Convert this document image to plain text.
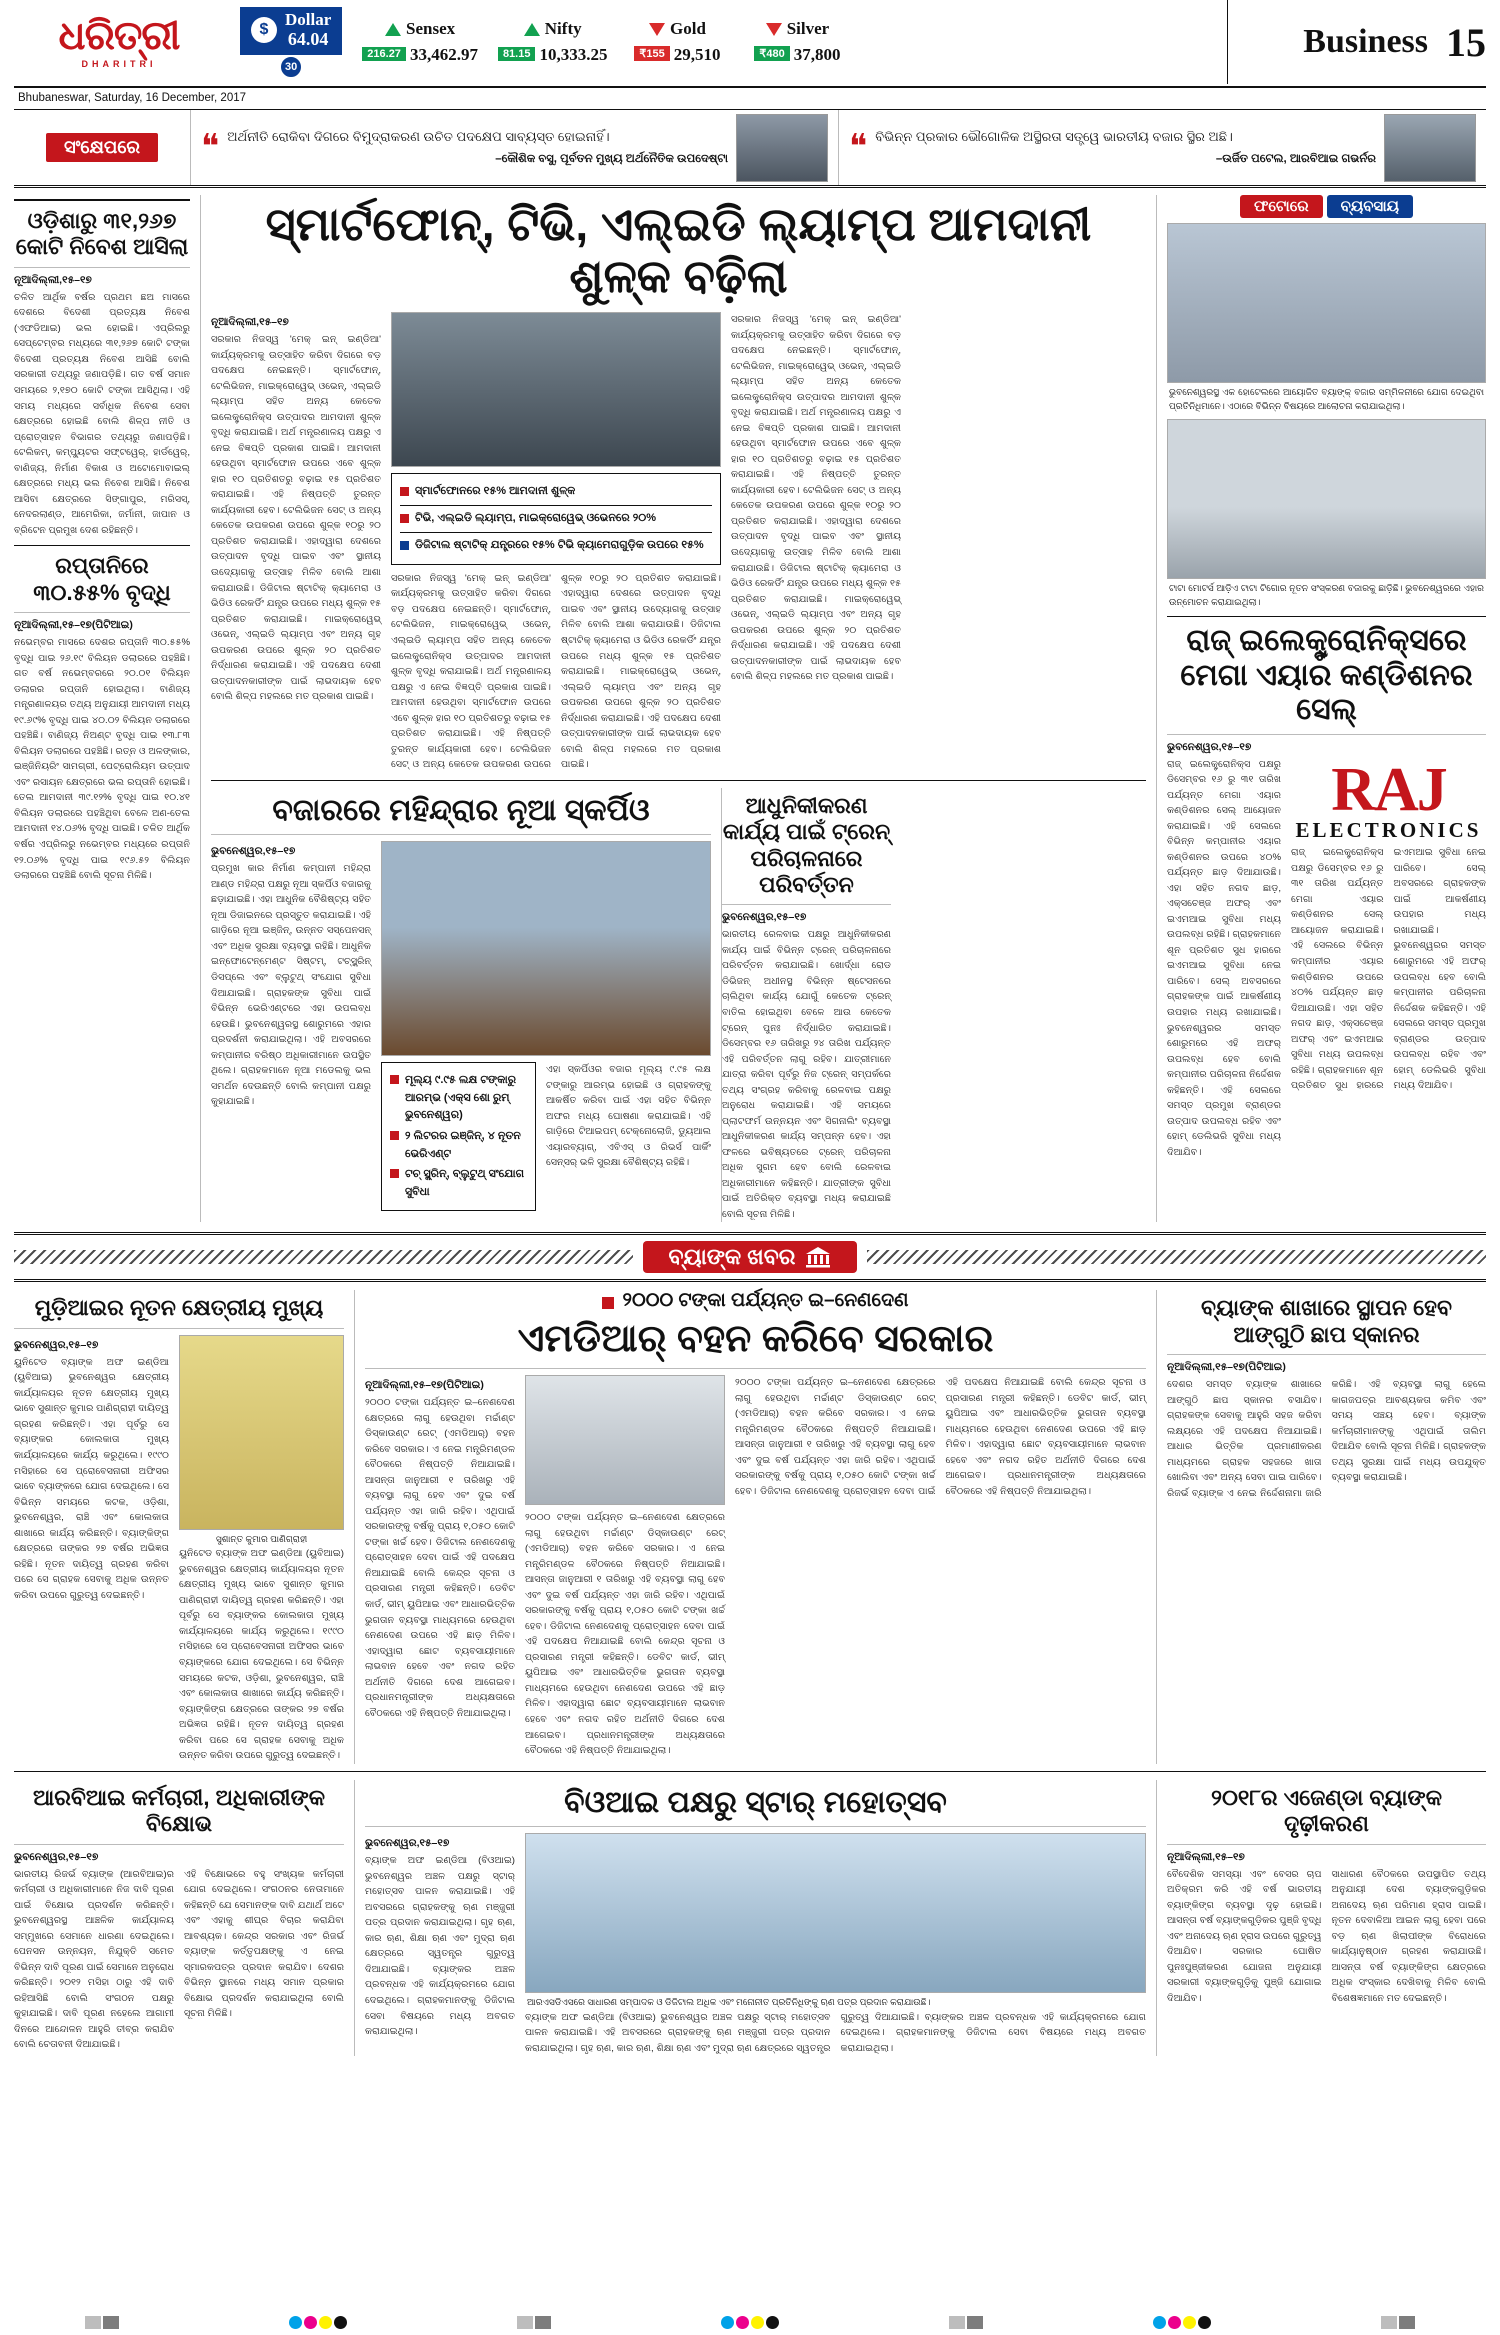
ଧରିତ୍ରୀ
DHARITRI
$
Dollar
64.04
30
Sensex
216.27 33,462.97
Nifty
81.15 10,333.25
Gold
₹155 29,510
Silver
₹480 37,800	Business 15
Bhubaneswar, Saturday, 16 December, 2017
ସଂକ୍ଷେପରେ	❝ ଅର୍ଥନୀତି ରୋକିବା ଦିଗରେ ବିମୁଦ୍ରାକରଣ ଉଚିତ ପଦକ୍ଷେପ ସାବ୍ୟସ୍ତ ହୋଇନାହିଁ।
–କୌଶିକ ବସୁ, ପୂର୍ବତନ ମୁଖ୍ୟ ଅର୍ଥନୈତିକ ଉପଦେଷ୍ଟା	❝ ବିଭିନ୍ନ ପ୍ରକାର ଭୌଗୋଳିକ ଅସ୍ଥିରତା ସତ୍ତ୍ୱେ ଭାରତୀୟ ବଜାର ସ୍ଥିର ଅଛି।
–ଉର୍ଜିତ ପଟେଲ, ଆରବିଆଇ ଗଭର୍ନର
ଓଡ଼ିଶାରୁ ୩୧,୨୬୭ କୋଟି ନିବେଶ ଆସିଲା
ନୂଆଦିଲ୍ଲୀ,୧୫–୧୭
ଚଳିତ ଆର୍ଥିକ ବର୍ଷର ପ୍ରଥମ ଛଅ ମାସରେ ଦେଶରେ ବିଦେଶୀ ପ୍ରତ୍ୟକ୍ଷ ନିବେଶ (ଏଫଡିଆଇ) ଭଲ ହୋଇଛି। ଏପ୍ରିଲରୁ ସେପ୍ଟେମ୍ବର ମଧ୍ୟରେ ୩୧,୨୬୭ କୋଟି ଟଙ୍କା ବିଦେଶୀ ପ୍ରତ୍ୟକ୍ଷ ନିବେଶ ଆସିଛି ବୋଲି ସରକାରୀ ତଥ୍ୟରୁ ଜଣାପଡ଼ିଛି। ଗତ ବର୍ଷ ସମାନ ସମୟରେ ୨,୧୭୦ କୋଟି ଟଙ୍କା ଆସିଥିଲା। ଏହି ସମୟ ମଧ୍ୟରେ ସର୍ବାଧିକ ନିବେଶ ସେବା କ୍ଷେତ୍ରରେ ହୋଇଛି ବୋଲି ଶିଳ୍ପ ନୀତି ଓ ପ୍ରୋତ୍ସାହନ ବିଭାଗର ତଥ୍ୟରୁ ଜଣାପଡ଼ିଛି। ଟେଲିକମ୍, କମ୍ପ୍ୟୁଟର ସଫ୍ଟୱେର୍, ହାର୍ଡୱେର୍, ବାଣିଜ୍ୟ, ନିର୍ମାଣ ବିକାଶ ଓ ଅଟୋମୋବାଇଲ୍ କ୍ଷେତ୍ରରେ ମଧ୍ୟ ଭଲ ନିବେଶ ଆସିଛି। ନିବେଶ ଆସିବା କ୍ଷେତ୍ରରେ ସିଙ୍ଗାପୁର, ମରିସସ୍, ନେଦରଲାଣ୍ଡ, ଆମେରିକା, ଜର୍ମାନୀ, ଜାପାନ ଓ ବ୍ରିଟେନ ପ୍ରମୁଖ ଦେଶ ରହିଛନ୍ତି।
ରପ୍ତାନିରେ ୩୦.୫୫% ବୃଦ୍ଧି
ନୂଆଦିଲ୍ଲୀ,୧୫–୧୭(ପିଟିଆଇ)
ନଭେମ୍ବର ମାସରେ ଦେଶର ରପ୍ତାନି ୩୦.୫୫% ବୃଦ୍ଧି ପାଇ ୨୬.୧୯ ବିଲିୟନ ଡଲାରରେ ପହଞ୍ଚିଛି। ଗତ ବର୍ଷ ନଭେମ୍ବରରେ ୨୦.୦୧ ବିଲିୟନ ଡଲାରର ରପ୍ତାନି ହୋଇଥିଲା। ବାଣିଜ୍ୟ ମନ୍ତ୍ରଣାଳୟର ତଥ୍ୟ ଅନୁଯାୟୀ ଆମଦାନୀ ମଧ୍ୟ ୧୯.୬୯% ବୃଦ୍ଧି ପାଇ ୪୦.୦୨ ବିଲିୟନ ଡଲାରରେ ପହଞ୍ଚିଛି। ବାଣିଜ୍ୟ ନିଅଣ୍ଟ ବୃଦ୍ଧି ପାଇ ୧୩.୮୩ ବିଲିୟନ ଡଲାରରେ ପହଞ୍ଚିଛି। ରତ୍ନ ଓ ଅଳଙ୍କାର, ଇଞ୍ଜିନିୟରିଂ ସାମଗ୍ରୀ, ପେଟ୍ରୋଲିୟମ ଉତ୍ପାଦ ଏବଂ ରସାୟନ କ୍ଷେତ୍ରରେ ଭଲ ରପ୍ତାନି ହୋଇଛି। ତେଲ ଆମଦାନୀ ୩୯.୧୨% ବୃଦ୍ଧି ପାଇ ୧୦.୪୧ ବିଲିୟନ ଡଲାରରେ ପହଞ୍ଚିଥିବା ବେଳେ ଅଣ-ତେଲ ଆମଦାନୀ ୧୪.୦୬% ବୃଦ୍ଧି ପାଇଛି। ଚଳିତ ଆର୍ଥିକ ବର୍ଷର ଏପ୍ରିଲରୁ ନଭେମ୍ବର ମଧ୍ୟରେ ରପ୍ତାନି ୧୨.୦୬% ବୃଦ୍ଧି ପାଇ ୧୯୬.୫୨ ବିଲିୟନ ଡଲାରରେ ପହଞ୍ଚିଛି ବୋଲି ସୂଚନା ମିଳିଛି।
ସ୍ମାର୍ଟଫୋନ୍, ଟିଭି, ଏଲ୍ଇଡି ଲ୍ୟାମ୍ପ ଆମଦାନୀ ଶୁଳ୍କ ବଢ଼ିଲା
ନୂଆଦିଲ୍ଲୀ,୧୫–୧୭
ସରକାର ନିଜସ୍ୱ 'ମେକ୍ ଇନ୍ ଇଣ୍ଡିଆ' କାର୍ଯ୍ୟକ୍ରମକୁ ଉତ୍ସାହିତ କରିବା ଦିଗରେ ବଡ଼ ପଦକ୍ଷେପ ନେଇଛନ୍ତି। ସ୍ମାର୍ଟଫୋନ୍, ଟେଲିଭିଜନ, ମାଇକ୍ରୋୱେଭ୍ ଓଭେନ୍, ଏଲ୍ଇଡି ଲ୍ୟାମ୍ପ ସହିତ ଅନ୍ୟ କେତେକ ଇଲେକ୍ଟ୍ରୋନିକ୍ସ ଉତ୍ପାଦର ଆମଦାନୀ ଶୁଳ୍କ ବୃଦ୍ଧି କରାଯାଇଛି। ଅର୍ଥ ମନ୍ତ୍ରଣାଳୟ ପକ୍ଷରୁ ଏ ନେଇ ବିଜ୍ଞପ୍ତି ପ୍ରକାଶ ପାଇଛି। ଆମଦାନୀ ହେଉଥିବା ସ୍ମାର୍ଟଫୋନ ଉପରେ ଏବେ ଶୁଳ୍କ ହାର ୧୦ ପ୍ରତିଶତରୁ ବଢ଼ାଇ ୧୫ ପ୍ରତିଶତ କରାଯାଇଛି। ଏହି ନିଷ୍ପତ୍ତି ତୁରନ୍ତ କାର୍ଯ୍ୟକାରୀ ହେବ। ଟେଲିଭିଜନ ସେଟ୍ ଓ ଅନ୍ୟ କେତେକ ଉପକରଣ ଉପରେ ଶୁଳ୍କ ୧୦ରୁ ୨୦ ପ୍ରତିଶତ କରାଯାଇଛି। ଏହାଦ୍ୱାରା ଦେଶରେ ଉତ୍ପାଦନ ବୃଦ୍ଧି ପାଇବ ଏବଂ ସ୍ଥାନୀୟ ଉଦ୍ୟୋଗକୁ ଉତ୍ସାହ ମିଳିବ ବୋଲି ଆଶା କରାଯାଉଛି। ଡିଜିଟାଲ ଷ୍ଟାଟିକ୍ କ୍ୟାମେରା ଓ ଭିଡିଓ ରେକର୍ଡିଂ ଯନ୍ତ୍ର ଉପରେ ମଧ୍ୟ ଶୁଳ୍କ ୧୫ ପ୍ରତିଶତ କରାଯାଇଛି। ମାଇକ୍ରୋୱେଭ୍ ଓଭେନ୍, ଏଲ୍ଇଡି ଲ୍ୟାମ୍ପ ଏବଂ ଅନ୍ୟ ଗୃହ ଉପକରଣ ଉପରେ ଶୁଳ୍କ ୨୦ ପ୍ରତିଶତ ନିର୍ଦ୍ଧାରଣ କରାଯାଇଛି। ଏହି ପଦକ୍ଷେପ ଦେଶୀ ଉତ୍ପାଦନକାରୀଙ୍କ ପାଇଁ ଲାଭଦାୟକ ହେବ ବୋଲି ଶିଳ୍ପ ମହଲରେ ମତ ପ୍ରକାଶ ପାଇଛି।
ସ୍ମାର୍ଟଫୋନରେ ୧୫% ଆମଦାନୀ ଶୁଳ୍କ
ଟିଭି, ଏଲ୍ଇଡି ଲ୍ୟାମ୍ପ, ମାଇକ୍ରୋୱେଭ୍ ଓଭେନରେ ୨୦%
ଡିଜିଟାଲ ଷ୍ଟାଟିକ୍ ଯନ୍ତ୍ରରେ ୧୫% ଟିଭି କ୍ୟାମେରାଗୁଡ଼ିକ ଉପରେ ୧୫%
ସରକାର ନିଜସ୍ୱ 'ମେକ୍ ଇନ୍ ଇଣ୍ଡିଆ' କାର୍ଯ୍ୟକ୍ରମକୁ ଉତ୍ସାହିତ କରିବା ଦିଗରେ ବଡ଼ ପଦକ୍ଷେପ ନେଇଛନ୍ତି। ସ୍ମାର୍ଟଫୋନ୍, ଟେଲିଭିଜନ, ମାଇକ୍ରୋୱେଭ୍ ଓଭେନ୍, ଏଲ୍ଇଡି ଲ୍ୟାମ୍ପ ସହିତ ଅନ୍ୟ କେତେକ ଇଲେକ୍ଟ୍ରୋନିକ୍ସ ଉତ୍ପାଦର ଆମଦାନୀ ଶୁଳ୍କ ବୃଦ୍ଧି କରାଯାଇଛି। ଅର୍ଥ ମନ୍ତ୍ରଣାଳୟ ପକ୍ଷରୁ ଏ ନେଇ ବିଜ୍ଞପ୍ତି ପ୍ରକାଶ ପାଇଛି। ଆମଦାନୀ ହେଉଥିବା ସ୍ମାର୍ଟଫୋନ ଉପରେ ଏବେ ଶୁଳ୍କ ହାର ୧୦ ପ୍ରତିଶତରୁ ବଢ଼ାଇ ୧୫ ପ୍ରତିଶତ କରାଯାଇଛି। ଏହି ନିଷ୍ପତ୍ତି ତୁରନ୍ତ କାର୍ଯ୍ୟକାରୀ ହେବ। ଟେଲିଭିଜନ ସେଟ୍ ଓ ଅନ୍ୟ କେତେକ ଉପକରଣ ଉପରେ ଶୁଳ୍କ ୧୦ରୁ ୨୦ ପ୍ରତିଶତ କରାଯାଇଛି। ଏହାଦ୍ୱାରା ଦେଶରେ ଉତ୍ପାଦନ ବୃଦ୍ଧି ପାଇବ ଏବଂ ସ୍ଥାନୀୟ ଉଦ୍ୟୋଗକୁ ଉତ୍ସାହ ମିଳିବ ବୋଲି ଆଶା କରାଯାଉଛି। ଡିଜିଟାଲ ଷ୍ଟାଟିକ୍ କ୍ୟାମେରା ଓ ଭିଡିଓ ରେକର୍ଡିଂ ଯନ୍ତ୍ର ଉପରେ ମଧ୍ୟ ଶୁଳ୍କ ୧୫ ପ୍ରତିଶତ କରାଯାଇଛି। ମାଇକ୍ରୋୱେଭ୍ ଓଭେନ୍, ଏଲ୍ଇଡି ଲ୍ୟାମ୍ପ ଏବଂ ଅନ୍ୟ ଗୃହ ଉପକରଣ ଉପରେ ଶୁଳ୍କ ୨୦ ପ୍ରତିଶତ ନିର୍ଦ୍ଧାରଣ କରାଯାଇଛି। ଏହି ପଦକ୍ଷେପ ଦେଶୀ ଉତ୍ପାଦନକାରୀଙ୍କ ପାଇଁ ଲାଭଦାୟକ ହେବ ବୋଲି ଶିଳ୍ପ ମହଲରେ ମତ ପ୍ରକାଶ ପାଇଛି।
ସରକାର ନିଜସ୍ୱ 'ମେକ୍ ଇନ୍ ଇଣ୍ଡିଆ' କାର୍ଯ୍ୟକ୍ରମକୁ ଉତ୍ସାହିତ କରିବା ଦିଗରେ ବଡ଼ ପଦକ୍ଷେପ ନେଇଛନ୍ତି। ସ୍ମାର୍ଟଫୋନ୍, ଟେଲିଭିଜନ, ମାଇକ୍ରୋୱେଭ୍ ଓଭେନ୍, ଏଲ୍ଇଡି ଲ୍ୟାମ୍ପ ସହିତ ଅନ୍ୟ କେତେକ ଇଲେକ୍ଟ୍ରୋନିକ୍ସ ଉତ୍ପାଦର ଆମଦାନୀ ଶୁଳ୍କ ବୃଦ୍ଧି କରାଯାଇଛି। ଅର୍ଥ ମନ୍ତ୍ରଣାଳୟ ପକ୍ଷରୁ ଏ ନେଇ ବିଜ୍ଞପ୍ତି ପ୍ରକାଶ ପାଇଛି। ଆମଦାନୀ ହେଉଥିବା ସ୍ମାର୍ଟଫୋନ ଉପରେ ଏବେ ଶୁଳ୍କ ହାର ୧୦ ପ୍ରତିଶତରୁ ବଢ଼ାଇ ୧୫ ପ୍ରତିଶତ କରାଯାଇଛି। ଏହି ନିଷ୍ପତ୍ତି ତୁରନ୍ତ କାର୍ଯ୍ୟକାରୀ ହେବ। ଟେଲିଭିଜନ ସେଟ୍ ଓ ଅନ୍ୟ କେତେକ ଉପକରଣ ଉପରେ ଶୁଳ୍କ ୧୦ରୁ ୨୦ ପ୍ରତିଶତ କରାଯାଇଛି। ଏହାଦ୍ୱାରା ଦେଶରେ ଉତ୍ପାଦନ ବୃଦ୍ଧି ପାଇବ ଏବଂ ସ୍ଥାନୀୟ ଉଦ୍ୟୋଗକୁ ଉତ୍ସାହ ମିଳିବ ବୋଲି ଆଶା କରାଯାଉଛି। ଡିଜିଟାଲ ଷ୍ଟାଟିକ୍ କ୍ୟାମେରା ଓ ଭିଡିଓ ରେକର୍ଡିଂ ଯନ୍ତ୍ର ଉପରେ ମଧ୍ୟ ଶୁଳ୍କ ୧୫ ପ୍ରତିଶତ କରାଯାଇଛି। ମାଇକ୍ରୋୱେଭ୍ ଓଭେନ୍, ଏଲ୍ଇଡି ଲ୍ୟାମ୍ପ ଏବଂ ଅନ୍ୟ ଗୃହ ଉପକରଣ ଉପରେ ଶୁଳ୍କ ୨୦ ପ୍ରତିଶତ ନିର୍ଦ୍ଧାରଣ କରାଯାଇଛି। ଏହି ପଦକ୍ଷେପ ଦେଶୀ ଉତ୍ପାଦନକାରୀଙ୍କ ପାଇଁ ଲାଭଦାୟକ ହେବ ବୋଲି ଶିଳ୍ପ ମହଲରେ ମତ ପ୍ରକାଶ ପାଇଛି।
ବଜାରରେ ମହିନ୍ଦ୍ରାର ନୂଆ ସ୍କର୍ପିଓ
ଭୁବନେଶ୍ୱର,୧୫–୧୭
ପ୍ରମୁଖ କାର ନିର୍ମାଣ କମ୍ପାନୀ ମହିନ୍ଦ୍ରା ଆଣ୍ଡ ମହିନ୍ଦ୍ରା ପକ୍ଷରୁ ନୂଆ ସ୍କର୍ପିଓ ବଜାରକୁ ଛଡ଼ାଯାଇଛି। ଏହା ଆଧୁନିକ ବୈଶିଷ୍ଟ୍ୟ ସହିତ ନୂଆ ଡିଜାଇନରେ ପ୍ରସ୍ତୁତ କରାଯାଇଛି। ଏହି ଗାଡ଼ିରେ ନୂଆ ଇଞ୍ଜିନ୍, ଉନ୍ନତ ସସ୍ପେନସନ୍ ଏବଂ ଅଧିକ ସୁରକ୍ଷା ବ୍ୟବସ୍ଥା ରହିଛି। ଆଧୁନିକ ଇନ୍‌ଫୋଟେନ୍‌ମେଣ୍ଟ ସିଷ୍ଟମ୍, ଟଚ୍‌ସ୍କ୍ରିନ୍ ଡିସପ୍ଲେ ଏବଂ ବ୍ଲୁଟୁଥ୍ ସଂଯୋଗ ସୁବିଧା ଦିଆଯାଇଛି। ଗ୍ରାହକଙ୍କ ସୁବିଧା ପାଇଁ ବିଭିନ୍ନ ଭେରିଏଣ୍ଟରେ ଏହା ଉପଲବ୍ଧ ହେଉଛି। ଭୁବନେଶ୍ୱରସ୍ଥ ଶୋରୁମରେ ଏହାର ପ୍ରଦର୍ଶନୀ କରାଯାଇଥିଲା। ଏହି ଅବସରରେ କମ୍ପାନୀର ବରିଷ୍ଠ ଅଧିକାରୀମାନେ ଉପସ୍ଥିତ ଥିଲେ। ଗ୍ରାହକମାନେ ନୂଆ ମଡେଲକୁ ଭଲ ସମର୍ଥନ ଦେଉଛନ୍ତି ବୋଲି କମ୍ପାନୀ ପକ୍ଷରୁ କୁହାଯାଇଛି।
ମୂଲ୍ୟ ୯.୯୫ ଲକ୍ଷ ଟଙ୍କାରୁ ଆରମ୍ଭ (ଏକ୍ସ ଶୋ ରୁମ୍ ଭୁବନେଶ୍ୱର)
୨ ଲିଟରର ଇଞ୍ଜିନ୍, ୪ ନୂତନ ଭେରିଏଣ୍ଟ
ଟଚ୍ ସ୍କ୍ରିନ୍, ବ୍ଲୁଟୁଥ୍ ସଂଯୋଗ ସୁବିଧା
ଏହା ସ୍କର୍ପିଓର ବଜାର ମୂଲ୍ୟ ୯.୯୫ ଲକ୍ଷ ଟଙ୍କାରୁ ଆରମ୍ଭ ହୋଇଛି ଓ ଗ୍ରାହକଙ୍କୁ ଆକର୍ଷିତ କରିବା ପାଇଁ ଏହା ସହିତ ବିଭିନ୍ନ ଅଫର ମଧ୍ୟ ଘୋଷଣା କରାଯାଇଛି। ଏହି ଗାଡ଼ିରେ ଟିଆଇପମ୍ ଟେକ୍ନୋଲୋଜି, ଡ୍ୟୁଆଲ ଏୟାରବ୍ୟାଗ୍, ଏବିଏସ୍ ଓ ରିଭର୍ସ ପାର୍କିଂ ସେନ୍ସର୍ ଭଳି ସୁରକ୍ଷା ବୈଶିଷ୍ଟ୍ୟ ରହିଛି।
ଆଧୁନିକୀକରଣ କାର୍ଯ୍ୟ ପାଇଁ ଟ୍ରେନ୍ ପରିଚାଳନାରେ ପରିବର୍ତ୍ତନ
ଭୁବନେଶ୍ୱର,୧୫–୧୭
ଭାରତୀୟ ରେଳବାଇ ପକ୍ଷରୁ ଆଧୁନିକୀକରଣ କାର୍ଯ୍ୟ ପାଇଁ ବିଭିନ୍ନ ଟ୍ରେନ୍ ପରିଚାଳନାରେ ପରିବର୍ତ୍ତନ କରାଯାଇଛି। ଖୋର୍ଦ୍ଧା ରୋଡ ଡିଭିଜନ୍ ଅଧୀନସ୍ଥ ବିଭିନ୍ନ ଷ୍ଟେସନରେ ଚାଲିଥିବା କାର୍ଯ୍ୟ ଯୋଗୁଁ କେତେକ ଟ୍ରେନ୍ ବାତିଲ ହୋଇଥିବା ବେଳେ ଆଉ କେତେକ ଟ୍ରେନ୍ ପୁନଃ ନିର୍ଦ୍ଧାରିତ କରାଯାଇଛି। ଡିସେମ୍ବର ୧୬ ତାରିଖରୁ ୨୪ ତାରିଖ ପର୍ଯ୍ୟନ୍ତ ଏହି ପରିବର୍ତ୍ତନ ଲାଗୁ ରହିବ। ଯାତ୍ରୀମାନେ ଯାତ୍ରା କରିବା ପୂର୍ବରୁ ନିଜ ଟ୍ରେନ୍ ସମ୍ପର୍କରେ ତଥ୍ୟ ସଂଗ୍ରହ କରିବାକୁ ରେଳବାଇ ପକ୍ଷରୁ ଅନୁରୋଧ କରାଯାଇଛି। ଏହି ସମୟରେ ପ୍ଲାଟଫର୍ମ ଉନ୍ନୟନ ଏବଂ ସିଗନାଲିଂ ବ୍ୟବସ୍ଥା ଆଧୁନିକୀକରଣ କାର୍ଯ୍ୟ ସମ୍ପନ୍ନ ହେବ। ଏହା ଫଳରେ ଭବିଷ୍ୟତରେ ଟ୍ରେନ୍ ପରିଚାଳନା ଅଧିକ ସୁଗମ ହେବ ବୋଲି ରେଳବାଇ ଅଧିକାରୀମାନେ କହିଛନ୍ତି। ଯାତ୍ରୀଙ୍କ ସୁବିଧା ପାଇଁ ଅତିରିକ୍ତ ବ୍ୟବସ୍ଥା ମଧ୍ୟ କରାଯାଇଛି ବୋଲି ସୂଚନା ମିଳିଛି।
ଫଟୋରେ	ବ୍ୟବସାୟ
ଭୁବନେଶ୍ୱରସ୍ଥ ଏକ ହୋଟେଲରେ ଆୟୋଜିତ ବ୍ୟାଙ୍କ୍ ବଜାର ସମ୍ମିଳନୀରେ ଯୋଗ ଦେଇଥିବା ପ୍ରତିନିଧିମାନେ। ଏଠାରେ ବିଭିନ୍ନ ବିଷୟରେ ଆଲୋଚନା କରାଯାଇଥିଲା।
ଟାଟା ମୋଟର୍ସ ଆଡ଼ିଏ ଟାଟା ଟିଗୋର ନୂତନ ସଂସ୍କରଣ ବଜାରକୁ ଛାଡ଼ିଛି। ଭୁବନେଶ୍ୱରରେ ଏହାର ଉନ୍ମୋଚନ କରାଯାଇଥିଲା।
ରାଜ୍ ଇଲେକ୍ଟ୍ରୋନିକ୍ସରେ ମେଗା ଏୟାର କଣ୍ଡିଶନର ସେଲ୍
ଭୁବନେଶ୍ୱର,୧୫–୧୭
ରାଜ୍ ଇଲେକ୍ଟ୍ରୋନିକ୍ସ ପକ୍ଷରୁ ଡିସେମ୍ବର ୧୬ ରୁ ୩୧ ତାରିଖ ପର୍ଯ୍ୟନ୍ତ ମେଗା ଏୟାର କଣ୍ଡିଶନର ସେଲ୍ ଆୟୋଜନ କରାଯାଇଛି। ଏହି ସେଲରେ ବିଭିନ୍ନ କମ୍ପାନୀର ଏୟାର କଣ୍ଡିଶନର ଉପରେ ୪୦% ପର୍ଯ୍ୟନ୍ତ ଛାଡ଼ ଦିଆଯାଉଛି। ଏହା ସହିତ ନଗଦ ଛାଡ଼, ଏକ୍ସଚେଞ୍ଜ ଅଫର୍ ଏବଂ ଇଏମଆଇ ସୁବିଧା ମଧ୍ୟ ଉପଲବ୍ଧ ରହିଛି। ଗ୍ରାହକମାନେ ଶୂନ ପ୍ରତିଶତ ସୁଧ ହାରରେ ଇଏମଆଇ ସୁବିଧା ନେଇ ପାରିବେ। ସେଲ୍ ଅବସରରେ ଗ୍ରାହକଙ୍କ ପାଇଁ ଆକର୍ଷଣୀୟ ଉପହାର ମଧ୍ୟ ରଖାଯାଇଛି। ଭୁବନେଶ୍ୱରର ସମସ୍ତ ଶୋରୁମରେ ଏହି ଅଫର୍ ଉପଲବ୍ଧ ହେବ ବୋଲି କମ୍ପାନୀର ପରିଚାଳନା ନିର୍ଦ୍ଦେଶକ କହିଛନ୍ତି। ଏହି ସେଲରେ ସମସ୍ତ ପ୍ରମୁଖ ବ୍ରାଣ୍ଡର ଉତ୍ପାଦ ଉପଲବ୍ଧ ରହିବ ଏବଂ ହୋମ୍ ଡେଲିଭରି ସୁବିଧା ମଧ୍ୟ ଦିଆଯିବ।
RAJ
ELECTRONICS
ରାଜ୍ ଇଲେକ୍ଟ୍ରୋନିକ୍ସ ପକ୍ଷରୁ ଡିସେମ୍ବର ୧୬ ରୁ ୩୧ ତାରିଖ ପର୍ଯ୍ୟନ୍ତ ମେଗା ଏୟାର କଣ୍ଡିଶନର ସେଲ୍ ଆୟୋଜନ କରାଯାଇଛି। ଏହି ସେଲରେ ବିଭିନ୍ନ କମ୍ପାନୀର ଏୟାର କଣ୍ଡିଶନର ଉପରେ ୪୦% ପର୍ଯ୍ୟନ୍ତ ଛାଡ଼ ଦିଆଯାଉଛି। ଏହା ସହିତ ନଗଦ ଛାଡ଼, ଏକ୍ସଚେଞ୍ଜ ଅଫର୍ ଏବଂ ଇଏମଆଇ ସୁବିଧା ମଧ୍ୟ ଉପଲବ୍ଧ ରହିଛି। ଗ୍ରାହକମାନେ ଶୂନ ପ୍ରତିଶତ ସୁଧ ହାରରେ ଇଏମଆଇ ସୁବିଧା ନେଇ ପାରିବେ। ସେଲ୍ ଅବସରରେ ଗ୍ରାହକଙ୍କ ପାଇଁ ଆକର୍ଷଣୀୟ ଉପହାର ମଧ୍ୟ ରଖାଯାଇଛି। ଭୁବନେଶ୍ୱରର ସମସ୍ତ ଶୋରୁମରେ ଏହି ଅଫର୍ ଉପଲବ୍ଧ ହେବ ବୋଲି କମ୍ପାନୀର ପରିଚାଳନା ନିର୍ଦ୍ଦେଶକ କହିଛନ୍ତି। ଏହି ସେଲରେ ସମସ୍ତ ପ୍ରମୁଖ ବ୍ରାଣ୍ଡର ଉତ୍ପାଦ ଉପଲବ୍ଧ ରହିବ ଏବଂ ହୋମ୍ ଡେଲିଭରି ସୁବିଧା ମଧ୍ୟ ଦିଆଯିବ।
ବ୍ୟାଙ୍କ ଖବର
ମୁଡ଼ିଆଇର ନୂତନ କ୍ଷେତ୍ରୀୟ ମୁଖ୍ୟ
ଭୁବନେଶ୍ୱର,୧୫–୧୭
ୟୁନିଟେଡ ବ୍ୟାଙ୍କ ଅଫ ଇଣ୍ଡିଆ (ୟୁବିଆଇ) ଭୁବନେଶ୍ୱର କ୍ଷେତ୍ରୀୟ କାର୍ଯ୍ୟାଳୟର ନୂତନ କ୍ଷେତ୍ରୀୟ ମୁଖ୍ୟ ଭାବେ ସୁଶାନ୍ତ କୁମାର ପାଣିଗ୍ରାହୀ ଦାୟିତ୍ୱ ଗ୍ରହଣ କରିଛନ୍ତି। ଏହା ପୂର୍ବରୁ ସେ ବ୍ୟାଙ୍କର କୋଲକାତା ମୁଖ୍ୟ କାର୍ଯ୍ୟାଳୟରେ କାର୍ଯ୍ୟ କରୁଥିଲେ। ୧୯୯୦ ମସିହାରେ ସେ ପ୍ରୋବେସନାରୀ ଅଫିସର ଭାବେ ବ୍ୟାଙ୍କରେ ଯୋଗ ଦେଇଥିଲେ। ସେ ବିଭିନ୍ନ ସମୟରେ କଟକ, ଓଡ଼ିଶା, ଭୁବନେଶ୍ୱର, ରାଞ୍ଚି ଏବଂ କୋଲକାତା ଶାଖାରେ କାର୍ଯ୍ୟ କରିଛନ୍ତି। ବ୍ୟାଙ୍କିଙ୍ଗ କ୍ଷେତ୍ରରେ ତାଙ୍କର ୨୭ ବର୍ଷର ଅଭିଜ୍ଞତା ରହିଛି। ନୂତନ ଦାୟିତ୍ୱ ଗ୍ରହଣ କରିବା ପରେ ସେ ଗ୍ରାହକ ସେବାକୁ ଅଧିକ ଉନ୍ନତ କରିବା ଉପରେ ଗୁରୁତ୍ୱ ଦେଇଛନ୍ତି।
ସୁଶାନ୍ତ କୁମାର ପାଣିଗ୍ରାହୀ
ୟୁନିଟେଡ ବ୍ୟାଙ୍କ ଅଫ ଇଣ୍ଡିଆ (ୟୁବିଆଇ) ଭୁବନେଶ୍ୱର କ୍ଷେତ୍ରୀୟ କାର୍ଯ୍ୟାଳୟର ନୂତନ କ୍ଷେତ୍ରୀୟ ମୁଖ୍ୟ ଭାବେ ସୁଶାନ୍ତ କୁମାର ପାଣିଗ୍ରାହୀ ଦାୟିତ୍ୱ ଗ୍ରହଣ କରିଛନ୍ତି। ଏହା ପୂର୍ବରୁ ସେ ବ୍ୟାଙ୍କର କୋଲକାତା ମୁଖ୍ୟ କାର୍ଯ୍ୟାଳୟରେ କାର୍ଯ୍ୟ କରୁଥିଲେ। ୧୯୯୦ ମସିହାରେ ସେ ପ୍ରୋବେସନାରୀ ଅଫିସର ଭାବେ ବ୍ୟାଙ୍କରେ ଯୋଗ ଦେଇଥିଲେ। ସେ ବିଭିନ୍ନ ସମୟରେ କଟକ, ଓଡ଼ିଶା, ଭୁବନେଶ୍ୱର, ରାଞ୍ଚି ଏବଂ କୋଲକାତା ଶାଖାରେ କାର୍ଯ୍ୟ କରିଛନ୍ତି। ବ୍ୟାଙ୍କିଙ୍ଗ କ୍ଷେତ୍ରରେ ତାଙ୍କର ୨୭ ବର୍ଷର ଅଭିଜ୍ଞତା ରହିଛି। ନୂତନ ଦାୟିତ୍ୱ ଗ୍ରହଣ କରିବା ପରେ ସେ ଗ୍ରାହକ ସେବାକୁ ଅଧିକ ଉନ୍ନତ କରିବା ଉପରେ ଗୁରୁତ୍ୱ ଦେଇଛନ୍ତି।
୨୦୦୦ ଟଙ୍କା ପର୍ଯ୍ୟନ୍ତ ଇ–ନେଣଦେଣ
ଏମଡିଆର୍ ବହନ କରିବେ ସରକାର
ନୂଆଦିଲ୍ଲୀ,୧୫–୧୭(ପିଟିଆଇ)
୨୦୦୦ ଟଙ୍କା ପର୍ଯ୍ୟନ୍ତ ଇ–ନେଣଦେଣ କ୍ଷେତ୍ରରେ ଲାଗୁ ହେଉଥିବା ମର୍ଚ୍ଚାଣ୍ଟ ଡିସ୍କାଉଣ୍ଟ ରେଟ୍ (ଏମଡିଆର୍) ବହନ କରିବେ ସରକାର। ଏ ନେଇ ମନ୍ତ୍ରିମଣ୍ଡଳ ବୈଠକରେ ନିଷ୍ପତ୍ତି ନିଆଯାଇଛି। ଆସନ୍ତା ଜାନୁଆରୀ ୧ ତାରିଖରୁ ଏହି ବ୍ୟବସ୍ଥା ଲାଗୁ ହେବ ଏବଂ ଦୁଇ ବର୍ଷ ପର୍ଯ୍ୟନ୍ତ ଏହା ଜାରି ରହିବ। ଏଥିପାଇଁ ସରକାରଙ୍କୁ ବର୍ଷକୁ ପ୍ରାୟ ୧,୦୫୦ କୋଟି ଟଙ୍କା ଖର୍ଚ୍ଚ ହେବ। ଡିଜିଟାଲ ନେଣଦେଣକୁ ପ୍ରୋତ୍ସାହନ ଦେବା ପାଇଁ ଏହି ପଦକ୍ଷେପ ନିଆଯାଇଛି ବୋଲି କେନ୍ଦ୍ର ସୂଚନା ଓ ପ୍ରସାରଣ ମନ୍ତ୍ରୀ କହିଛନ୍ତି। ଡେବିଟ କାର୍ଡ, ଭୀମ୍ ୟୁପିଆଇ ଏବଂ ଆଧାରଭିତ୍ତିକ ଭୁଗତାନ ବ୍ୟବସ୍ଥା ମାଧ୍ୟମରେ ହେଉଥିବା ନେଣଦେଣ ଉପରେ ଏହି ଛାଡ଼ ମିଳିବ। ଏହାଦ୍ୱାରା ଛୋଟ ବ୍ୟବସାୟୀମାନେ ଲାଭବାନ ହେବେ ଏବଂ ନଗଦ ରହିତ ଅର୍ଥନୀତି ଦିଗରେ ଦେଶ ଆଗେଇବ। ପ୍ରଧାନମନ୍ତ୍ରୀଙ୍କ ଅଧ୍ୟକ୍ଷତାରେ ବୈଠକରେ ଏହି ନିଷ୍ପତ୍ତି ନିଆଯାଇଥିଲା।
୨୦୦୦ ଟଙ୍କା ପର୍ଯ୍ୟନ୍ତ ଇ–ନେଣଦେଣ କ୍ଷେତ୍ରରେ ଲାଗୁ ହେଉଥିବା ମର୍ଚ୍ଚାଣ୍ଟ ଡିସ୍କାଉଣ୍ଟ ରେଟ୍ (ଏମଡିଆର୍) ବହନ କରିବେ ସରକାର। ଏ ନେଇ ମନ୍ତ୍ରିମଣ୍ଡଳ ବୈଠକରେ ନିଷ୍ପତ୍ତି ନିଆଯାଇଛି। ଆସନ୍ତା ଜାନୁଆରୀ ୧ ତାରିଖରୁ ଏହି ବ୍ୟବସ୍ଥା ଲାଗୁ ହେବ ଏବଂ ଦୁଇ ବର୍ଷ ପର୍ଯ୍ୟନ୍ତ ଏହା ଜାରି ରହିବ। ଏଥିପାଇଁ ସରକାରଙ୍କୁ ବର୍ଷକୁ ପ୍ରାୟ ୧,୦୫୦ କୋଟି ଟଙ୍କା ଖର୍ଚ୍ଚ ହେବ। ଡିଜିଟାଲ ନେଣଦେଣକୁ ପ୍ରୋତ୍ସାହନ ଦେବା ପାଇଁ ଏହି ପଦକ୍ଷେପ ନିଆଯାଇଛି ବୋଲି କେନ୍ଦ୍ର ସୂଚନା ଓ ପ୍ରସାରଣ ମନ୍ତ୍ରୀ କହିଛନ୍ତି। ଡେବିଟ କାର୍ଡ, ଭୀମ୍ ୟୁପିଆଇ ଏବଂ ଆଧାରଭିତ୍ତିକ ଭୁଗତାନ ବ୍ୟବସ୍ଥା ମାଧ୍ୟମରେ ହେଉଥିବା ନେଣଦେଣ ଉପରେ ଏହି ଛାଡ଼ ମିଳିବ। ଏହାଦ୍ୱାରା ଛୋଟ ବ୍ୟବସାୟୀମାନେ ଲାଭବାନ ହେବେ ଏବଂ ନଗଦ ରହିତ ଅର୍ଥନୀତି ଦିଗରେ ଦେଶ ଆଗେଇବ। ପ୍ରଧାନମନ୍ତ୍ରୀଙ୍କ ଅଧ୍ୟକ୍ଷତାରେ ବୈଠକରେ ଏହି ନିଷ୍ପତ୍ତି ନିଆଯାଇଥିଲା।
୨୦୦୦ ଟଙ୍କା ପର୍ଯ୍ୟନ୍ତ ଇ–ନେଣଦେଣ କ୍ଷେତ୍ରରେ ଲାଗୁ ହେଉଥିବା ମର୍ଚ୍ଚାଣ୍ଟ ଡିସ୍କାଉଣ୍ଟ ରେଟ୍ (ଏମଡିଆର୍) ବହନ କରିବେ ସରକାର। ଏ ନେଇ ମନ୍ତ୍ରିମଣ୍ଡଳ ବୈଠକରେ ନିଷ୍ପତ୍ତି ନିଆଯାଇଛି। ଆସନ୍ତା ଜାନୁଆରୀ ୧ ତାରିଖରୁ ଏହି ବ୍ୟବସ୍ଥା ଲାଗୁ ହେବ ଏବଂ ଦୁଇ ବର୍ଷ ପର୍ଯ୍ୟନ୍ତ ଏହା ଜାରି ରହିବ। ଏଥିପାଇଁ ସରକାରଙ୍କୁ ବର୍ଷକୁ ପ୍ରାୟ ୧,୦୫୦ କୋଟି ଟଙ୍କା ଖର୍ଚ୍ଚ ହେବ। ଡିଜିଟାଲ ନେଣଦେଣକୁ ପ୍ରୋତ୍ସାହନ ଦେବା ପାଇଁ ଏହି ପଦକ୍ଷେପ ନିଆଯାଇଛି ବୋଲି କେନ୍ଦ୍ର ସୂଚନା ଓ ପ୍ରସାରଣ ମନ୍ତ୍ରୀ କହିଛନ୍ତି। ଡେବିଟ କାର୍ଡ, ଭୀମ୍ ୟୁପିଆଇ ଏବଂ ଆଧାରଭିତ୍ତିକ ଭୁଗତାନ ବ୍ୟବସ୍ଥା ମାଧ୍ୟମରେ ହେଉଥିବା ନେଣଦେଣ ଉପରେ ଏହି ଛାଡ଼ ମିଳିବ। ଏହାଦ୍ୱାରା ଛୋଟ ବ୍ୟବସାୟୀମାନେ ଲାଭବାନ ହେବେ ଏବଂ ନଗଦ ରହିତ ଅର୍ଥନୀତି ଦିଗରେ ଦେଶ ଆଗେଇବ। ପ୍ରଧାନମନ୍ତ୍ରୀଙ୍କ ଅଧ୍ୟକ୍ଷତାରେ ବୈଠକରେ ଏହି ନିଷ୍ପତ୍ତି ନିଆଯାଇଥିଲା।
ବ୍ୟାଙ୍କ ଶାଖାରେ ସ୍ଥାପନ ହେବ ଆଙ୍ଗୁଠି ଛାପ ସ୍କାନର
ନୂଆଦିଲ୍ଲୀ,୧୫–୧୭(ପିଟିଆଇ)
ଦେଶର ସମସ୍ତ ବ୍ୟାଙ୍କ ଶାଖାରେ ଆଙ୍ଗୁଠି ଛାପ ସ୍କାନର ବସାଯିବ। ଗ୍ରାହକଙ୍କ ସେବାକୁ ଆହୁରି ସହଜ କରିବା ଲକ୍ଷ୍ୟରେ ଏହି ପଦକ୍ଷେପ ନିଆଯାଇଛି। ଆଧାର ଭିତ୍ତିକ ପ୍ରମାଣୀକରଣ ମାଧ୍ୟମରେ ଗ୍ରାହକ ସହଜରେ ଖାତା ଖୋଲିବା ଏବଂ ଅନ୍ୟ ସେବା ପାଇ ପାରିବେ। ରିଜର୍ଭ ବ୍ୟାଙ୍କ ଏ ନେଇ ନିର୍ଦ୍ଦେଶନାମା ଜାରି କରିଛି। ଏହି ବ୍ୟବସ୍ଥା ଲାଗୁ ହେଲେ କାଗଜପତ୍ର ଆବଶ୍ୟକତା କମିବ ଏବଂ ସମୟ ସଞ୍ଚୟ ହେବ। ବ୍ୟାଙ୍କ କର୍ମଚାରୀମାନଙ୍କୁ ଏଥିପାଇଁ ତାଲିମ ଦିଆଯିବ ବୋଲି ସୂଚନା ମିଳିଛି। ଗ୍ରାହକଙ୍କ ତଥ୍ୟ ସୁରକ୍ଷା ପାଇଁ ମଧ୍ୟ ଉପଯୁକ୍ତ ବ୍ୟବସ୍ଥା କରାଯାଇଛି।
ଆରବିଆଇ କର୍ମଚାରୀ, ଅଧିକାରୀଙ୍କ ବିକ୍ଷୋଭ
ଭୁବନେଶ୍ୱର,୧୫–୧୭
ଭାରତୀୟ ରିଜର୍ଭ ବ୍ୟାଙ୍କ (ଆରବିଆଇ)ର କର୍ମଚାରୀ ଓ ଅଧିକାରୀମାନେ ନିଜ ଦାବି ପୂରଣ ପାଇଁ ବିକ୍ଷୋଭ ପ୍ରଦର୍ଶନ କରିଛନ୍ତି। ଭୁବନେଶ୍ୱରସ୍ଥ ଆଞ୍ଚଳିକ କାର୍ଯ୍ୟାଳୟ ସମ୍ମୁଖରେ ସେମାନେ ଧାରଣା ଦେଇଥିଲେ। ପେନସନ ଉନ୍ନୟନ, ନିଯୁକ୍ତି ସମେତ ବିଭିନ୍ନ ଦାବି ପୂରଣ ପାଇଁ ସେମାନେ ଅନୁରୋଧ କରିଛନ୍ତି। ୨୦୧୨ ମସିହା ଠାରୁ ଏହି ଦାବି ରହିଆସିଛି ବୋଲି ସଂଗଠନ ପକ୍ଷରୁ କୁହାଯାଇଛି। ଦାବି ପୂରଣ ନହେଲେ ଆଗାମୀ ଦିନରେ ଆନ୍ଦୋଳନ ଆହୁରି ତୀବ୍ର କରାଯିବ ବୋଲି ଚେତାବନୀ ଦିଆଯାଇଛି।
ଏହି ବିକ୍ଷୋଭରେ ବହୁ ସଂଖ୍ୟକ କର୍ମଚାରୀ ଯୋଗ ଦେଇଥିଲେ। ସଂଗଠନର ନେତାମାନେ କହିଛନ୍ତି ଯେ ସେମାନଙ୍କ ଦାବି ଯଥାର୍ଥ ଅଟେ ଏବଂ ଏହାକୁ ଶୀଘ୍ର ବିଚାର କରାଯିବା ଆବଶ୍ୟକ। କେନ୍ଦ୍ର ସରକାର ଏବଂ ରିଜର୍ଭ ବ୍ୟାଙ୍କ କର୍ତ୍ତୃପକ୍ଷଙ୍କୁ ଏ ନେଇ ସ୍ମାରକପତ୍ର ପ୍ରଦାନ କରାଯିବ। ଦେଶର ବିଭିନ୍ନ ସ୍ଥାନରେ ମଧ୍ୟ ସମାନ ପ୍ରକାର ବିକ୍ଷୋଭ ପ୍ରଦର୍ଶନ କରାଯାଇଥିଲା ବୋଲି ସୂଚନା ମିଳିଛି।
ବିଓଆଇ ପକ୍ଷରୁ ସ୍ଟାର୍ ମହୋତ୍ସବ
ଭୁବନେଶ୍ୱର,୧୫–୧୭
ବ୍ୟାଙ୍କ ଅଫ ଇଣ୍ଡିଆ (ବିଓଆଇ) ଭୁବନେଶ୍ୱର ଅଞ୍ଚଳ ପକ୍ଷରୁ ସ୍ଟାର୍ ମହୋତ୍ସବ ପାଳନ କରାଯାଇଛି। ଏହି ଅବସରରେ ଗ୍ରାହକଙ୍କୁ ଋଣ ମଞ୍ଜୁରୀ ପତ୍ର ପ୍ରଦାନ କରାଯାଇଥିଲା। ଗୃହ ଋଣ, କାର ଋଣ, ଶିକ୍ଷା ଋଣ ଏବଂ ମୁଦ୍ରା ଋଣ କ୍ଷେତ୍ରରେ ସ୍ୱତନ୍ତ୍ର ଗୁରୁତ୍ୱ ଦିଆଯାଇଛି। ବ୍ୟାଙ୍କର ଅଞ୍ଚଳ ପ୍ରବନ୍ଧକ ଏହି କାର୍ଯ୍ୟକ୍ରମରେ ଯୋଗ ଦେଇଥିଲେ। ଗ୍ରାହକମାନଙ୍କୁ ଡିଜିଟାଲ ସେବା ବିଷୟରେ ମଧ୍ୟ ଅବଗତ କରାଯାଇଥିଲା।
ଆରଏସଡିଏସରେ ସାଧାରଣ ସମ୍ପାଦକ ଓ ଡିଜିଟାଲ ଅଧିକ ଏବଂ ମନୋନୀତ ପ୍ରତିନିଧିଙ୍କୁ ଋଣ ପତ୍ର ପ୍ରଦାନ କରାଯାଉଛି।
ବ୍ୟାଙ୍କ ଅଫ ଇଣ୍ଡିଆ (ବିଓଆଇ) ଭୁବନେଶ୍ୱର ଅଞ୍ଚଳ ପକ୍ଷରୁ ସ୍ଟାର୍ ମହୋତ୍ସବ ପାଳନ କରାଯାଇଛି। ଏହି ଅବସରରେ ଗ୍ରାହକଙ୍କୁ ଋଣ ମଞ୍ଜୁରୀ ପତ୍ର ପ୍ରଦାନ କରାଯାଇଥିଲା। ଗୃହ ଋଣ, କାର ଋଣ, ଶିକ୍ଷା ଋଣ ଏବଂ ମୁଦ୍ରା ଋଣ କ୍ଷେତ୍ରରେ ସ୍ୱତନ୍ତ୍ର ଗୁରୁତ୍ୱ ଦିଆଯାଇଛି। ବ୍ୟାଙ୍କର ଅଞ୍ଚଳ ପ୍ରବନ୍ଧକ ଏହି କାର୍ଯ୍ୟକ୍ରମରେ ଯୋଗ ଦେଇଥିଲେ। ଗ୍ରାହକମାନଙ୍କୁ ଡିଜିଟାଲ ସେବା ବିଷୟରେ ମଧ୍ୟ ଅବଗତ କରାଯାଇଥିଲା।
୨୦୧୮ର ଏଜେଣ୍ଡା ବ୍ୟାଙ୍କ ଦୃଢ଼ୀକରଣ
ନୂଆଦିଲ୍ଲୀ,୧୫–୧୭
ବୈଦେଶିକ ସମସ୍ୟା ଏବଂ ବେସର ଚାପ ଅତିକ୍ରମ କରି ଏହି ବର୍ଷ ଭାରତୀୟ ବ୍ୟାଙ୍କିଙ୍ଗ ବ୍ୟବସ୍ଥା ଦୃଢ଼ ହୋଇଛି। ଆସନ୍ତା ବର୍ଷ ବ୍ୟାଙ୍କଗୁଡ଼ିକର ପୁଞ୍ଜି ବୃଦ୍ଧି ଏବଂ ଅନାଦେୟ ଋଣ ହ୍ରାସ ଉପରେ ଗୁରୁତ୍ୱ ଦିଆଯିବ। ସରକାର ଘୋଷିତ ପୁନଃପୁଞ୍ଜୀକରଣ ଯୋଜନା ଅନୁଯାୟୀ ସରକାରୀ ବ୍ୟାଙ୍କଗୁଡ଼ିକୁ ପୁଞ୍ଜି ଯୋଗାଇ ଦିଆଯିବ।
ସାଧାରଣ ବୈଠକରେ ଉପସ୍ଥାପିତ ତଥ୍ୟ ଅନୁଯାୟୀ ଦେଶ ବ୍ୟାଙ୍କଗୁଡ଼ିକର ଅନାଦେୟ ଋଣ ପରିମାଣ ହ୍ରାସ ପାଇଛି। ନୂତନ ଦେବାଳିଆ ଆଇନ ଲାଗୁ ହେବା ପରେ ବଡ଼ ଋଣ ଖିଲାପୀଙ୍କ ବିରୋଧରେ କାର୍ଯ୍ୟାନୁଷ୍ଠାନ ଗ୍ରହଣ କରାଯାଉଛି। ଆସନ୍ତା ବର୍ଷ ବ୍ୟାଙ୍କିଙ୍ଗ କ୍ଷେତ୍ରରେ ଅଧିକ ସଂସ୍କାର ଦେଖିବାକୁ ମିଳିବ ବୋଲି ବିଶେଷଜ୍ଞମାନେ ମତ ଦେଇଛନ୍ତି।
